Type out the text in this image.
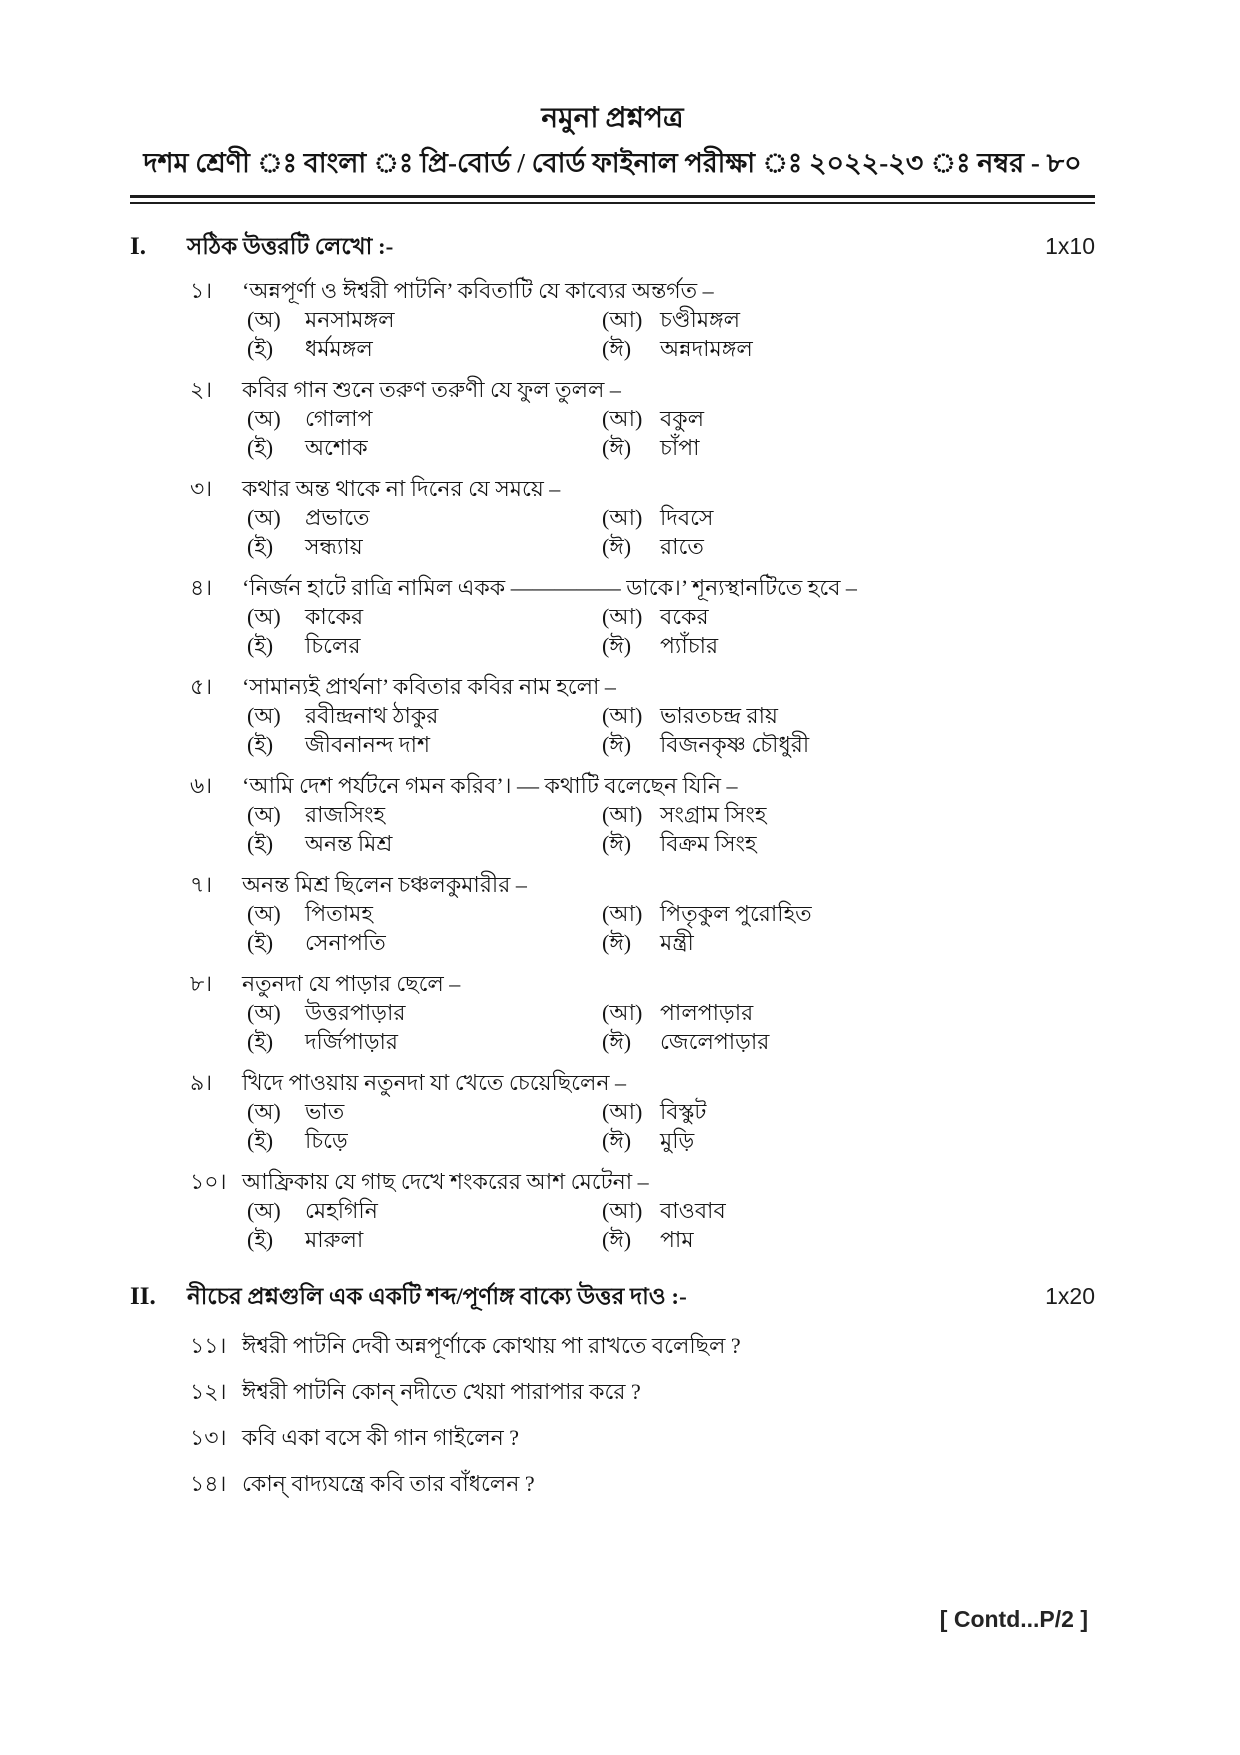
নমুনা প্রশ্নপত্র
দশম শ্রেণী ঃ বাংলা ঃ প্রি-বোর্ড / বোর্ড ফাইনাল পরীক্ষা ঃ ২০২২-২৩ ঃ নম্বর - ৮০
I.	সঠিক উত্তরটি লেখো :-	1x10
১।	‘অন্নপূর্ণা ও ঈশ্বরী পাটনি’ কবিতাটি যে কাব্যের অন্তর্গত –
(অ)	মনসামঙ্গল	(আ) চণ্ডীমঙ্গল
(ই)	ধর্মমঙ্গল	(ঈ)	অন্নদামঙ্গল
২।	কবির গান শুনে তরুণ তরুণী যে ফুল তুলল –
(অ)	গোলাপ	(আ) বকুল
(ই)	অশোক	(ঈ)	চাঁপা
৩।	কথার অন্ত থাকে না দিনের যে সময়ে –
(অ)	প্রভাতে	(আ) দিবসে
(ই)	সন্ধ্যায়	(ঈ)	রাতে
৪।	‘নির্জন হাটে রাত্রি নামিল একক ————— ডাকে।’ শূন্যস্থানটিতে হবে –
(অ)	কাকের	(আ) বকের
(ই)	চিলের	(ঈ)	প্যাঁচার
৫।	‘সামান্যই প্রার্থনা’ কবিতার কবির নাম হলো –
(অ)	রবীন্দ্রনাথ ঠাকুর	(আ) ভারতচন্দ্র রায়
(ই)	জীবনানন্দ দাশ	(ঈ)	বিজনকৃষ্ণ চৌধুরী
৬।	‘আমি দেশ পর্যটনে গমন করিব’। — কথাটি বলেছেন যিনি –
(অ)	রাজসিংহ	(আ) সংগ্রাম সিংহ
(ই)	অনন্ত মিশ্র	(ঈ)	বিক্রম সিংহ
৭।	অনন্ত মিশ্র ছিলেন চঞ্চলকুমারীর –
(অ)	পিতামহ	(আ) পিতৃকুল পুরোহিত
(ই)	সেনাপতি	(ঈ)	মন্ত্রী
৮।	নতুনদা যে পাড়ার ছেলে –
(অ)	উত্তরপাড়ার	(আ) পালপাড়ার
(ই)	দর্জিপাড়ার	(ঈ)	জেলেপাড়ার
৯।	খিদে পাওয়ায় নতুনদা যা খেতে চেয়েছিলেন –
(অ)	ভাত	(আ) বিস্কুট
(ই)	চিড়ে	(ঈ)	মুড়ি
১০। আফ্রিকায় যে গাছ দেখে শংকরের আশ মেটেনা –
(অ)	মেহগিনি	(আ) বাওবাব
(ই)	মারুলা	(ঈ)	পাম
II.	নীচের প্রশ্নগুলি এক একটি শব্দ/পূর্ণাঙ্গ বাক্যে উত্তর দাও :-	1x20
১১। ঈশ্বরী পাটনি দেবী অন্নপূর্ণাকে কোথায় পা রাখতে বলেছিল ?
১২। ঈশ্বরী পাটনি কোন্ নদীতে খেয়া পারাপার করে ?
১৩। কবি একা বসে কী গান গাইলেন ?
১৪। কোন্ বাদ্যযন্ত্রে কবি তার বাঁধলেন ?
[ Contd...P/2 ]
